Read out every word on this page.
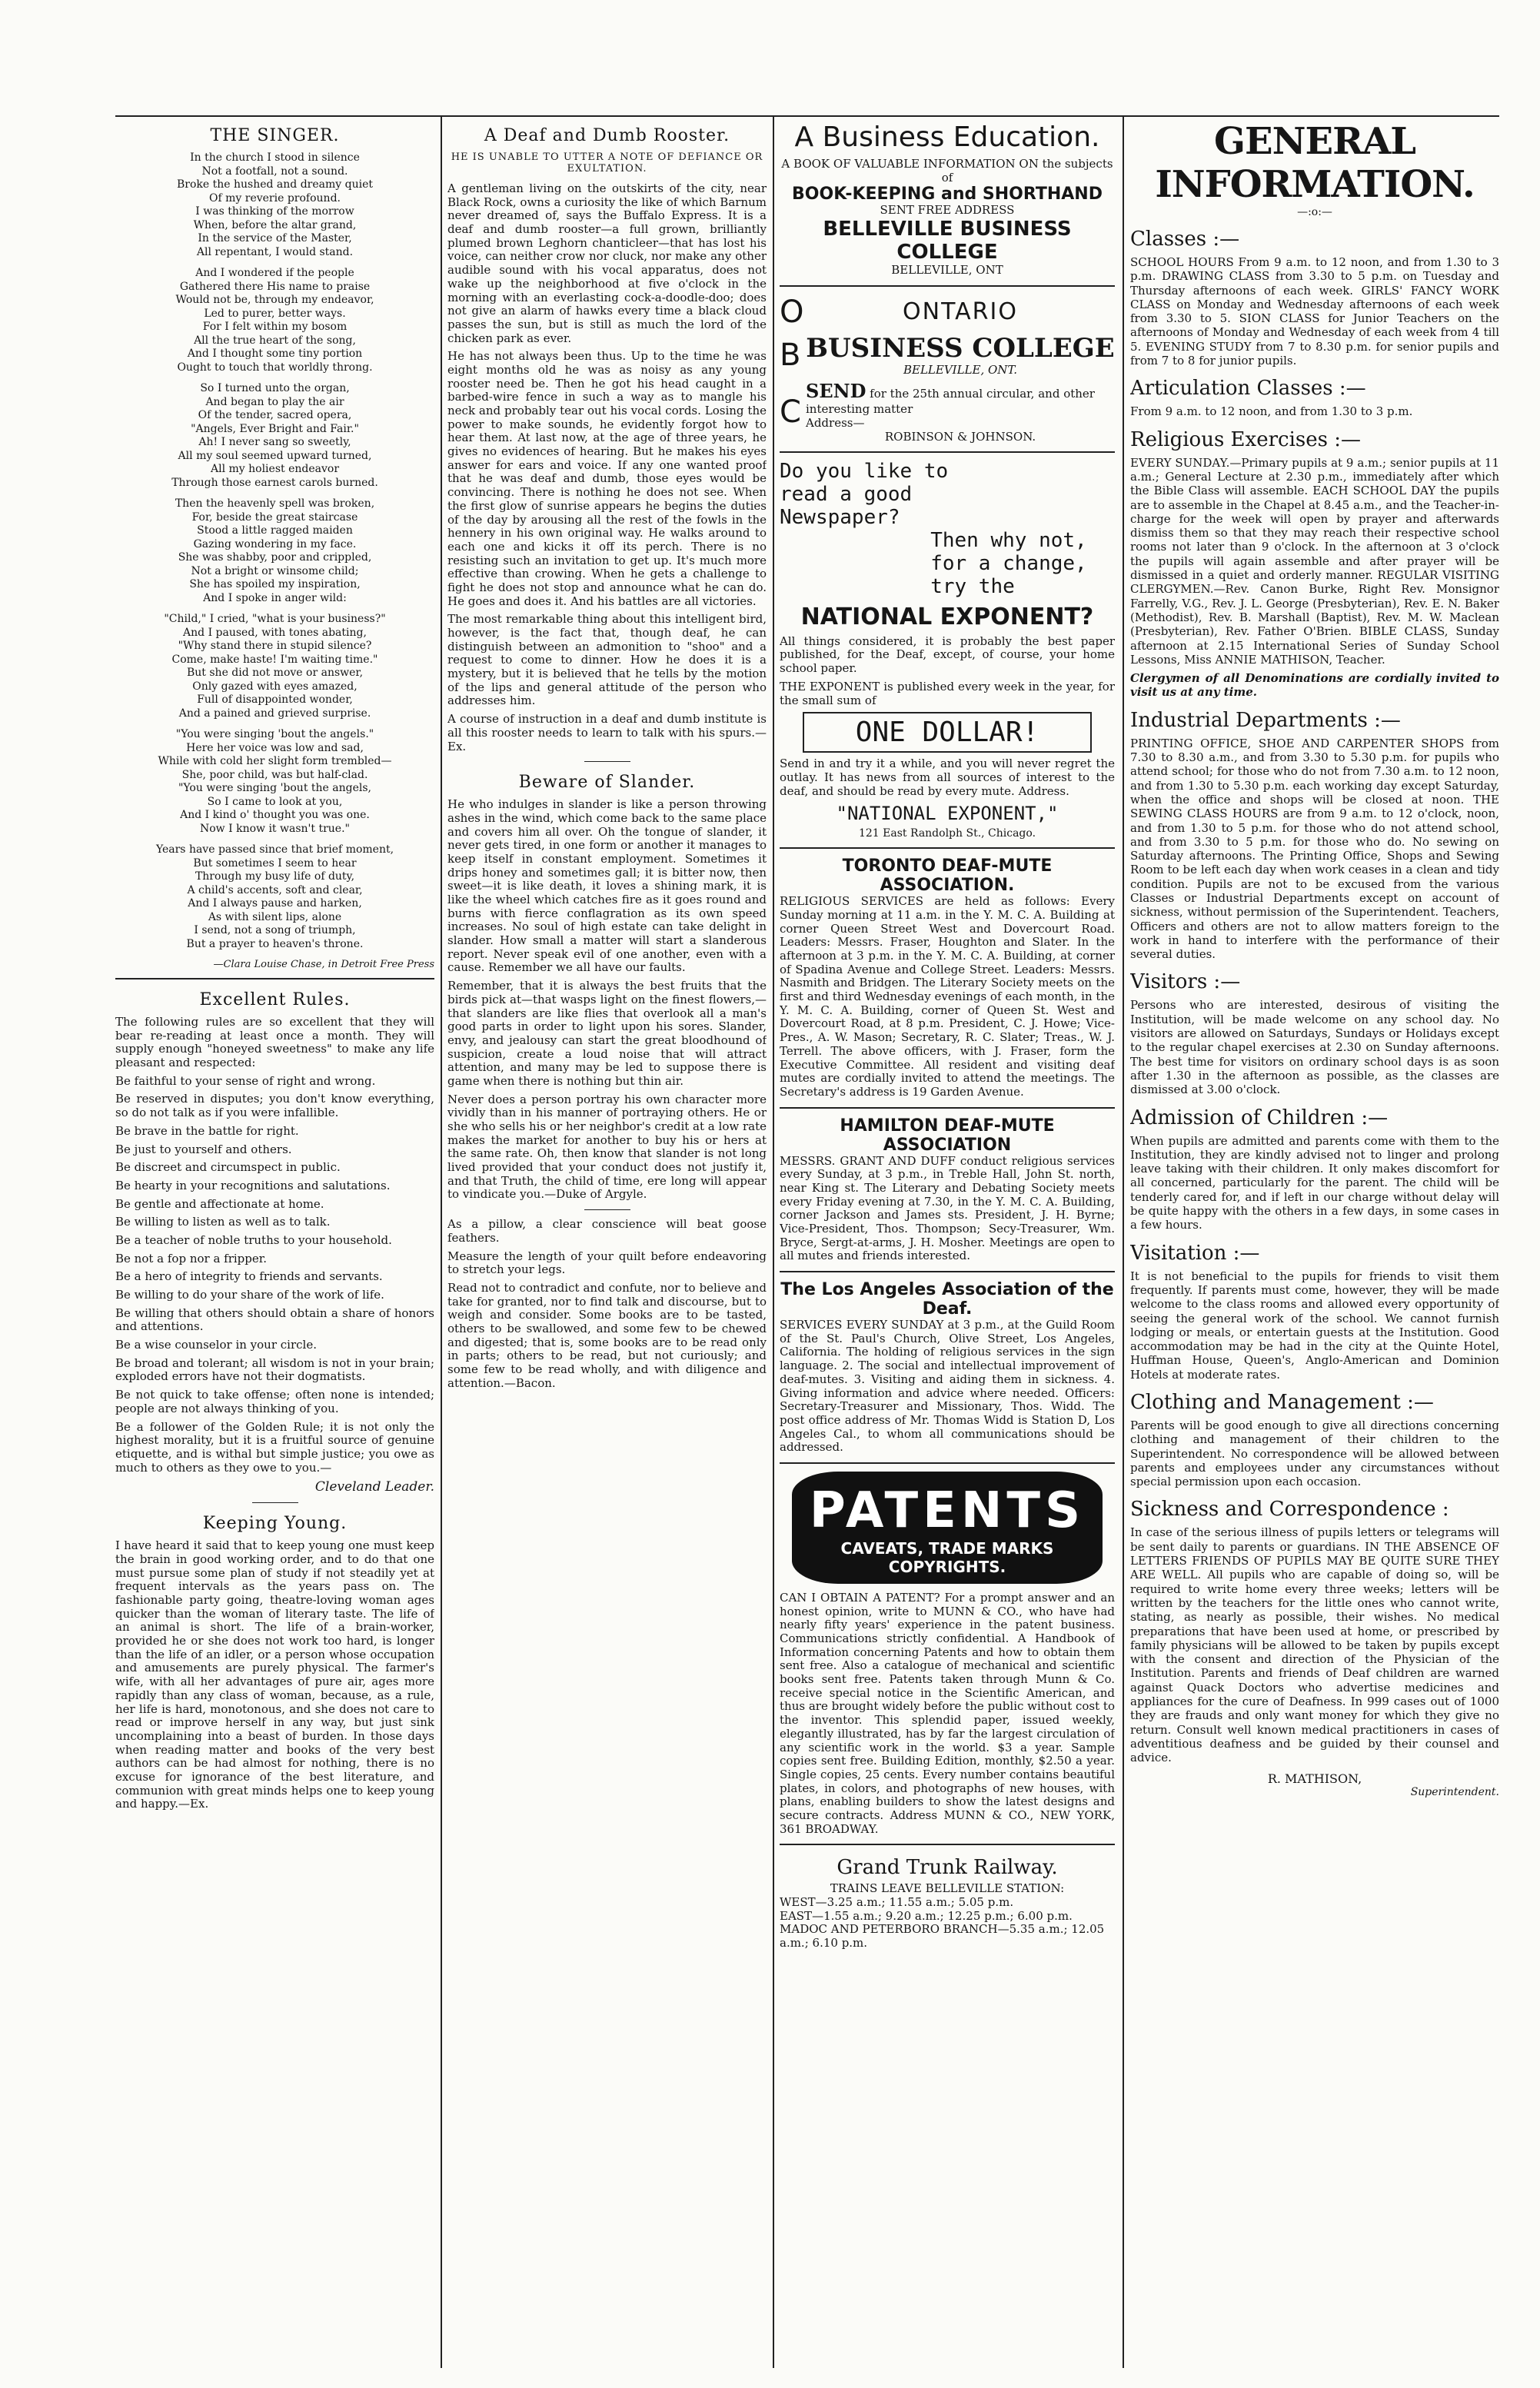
THE SINGER.
In the church I stood in silence
Not a footfall, not a sound.
Broke the hushed and dreamy quiet
Of my reverie profound.
I was thinking of the morrow
When, before the altar grand,
In the service of the Master,
All repentant, I would stand.
And I wondered if the people
Gathered there His name to praise
Would not be, through my endeavor,
Led to purer, better ways.
For I felt within my bosom
All the true heart of the song,
And I thought some tiny portion
Ought to touch that worldly throng.
So I turned unto the organ,
And began to play the air
Of the tender, sacred opera,
"Angels, Ever Bright and Fair."
Ah! I never sang so sweetly,
All my soul seemed upward turned,
All my holiest endeavor
Through those earnest carols burned.
Then the heavenly spell was broken,
For, beside the great staircase
Stood a little ragged maiden
Gazing wondering in my face.
She was shabby, poor and crippled,
Not a bright or winsome child;
She has spoiled my inspiration,
And I spoke in anger wild:
"Child," I cried, "what is your business?"
And I paused, with tones abating,
"Why stand there in stupid silence?
Come, make haste! I'm waiting time."
But she did not move or answer,
Only gazed with eyes amazed,
Full of disappointed wonder,
And a pained and grieved surprise.
"You were singing 'bout the angels."
Here her voice was low and sad,
While with cold her slight form trembled—
She, poor child, was but half-clad.
"You were singing 'bout the angels,
So I came to look at you,
And I kind o' thought you was one.
Now I know it wasn't true."
Years have passed since that brief moment,
But sometimes I seem to hear
Through my busy life of duty,
A child's accents, soft and clear,
And I always pause and harken,
As with silent lips, alone
I send, not a song of triumph,
But a prayer to heaven's throne.
—Clara Louise Chase, in Detroit Free Press
Excellent Rules.

The following rules are so excellent that they will bear re-reading at least once a month. They will supply enough "honeyed sweetness" to make any life pleasant and respected:

Be faithful to your sense of right and wrong.

Be reserved in disputes; you don't know everything, so do not talk as if you were infallible.

Be brave in the battle for right.

Be just to yourself and others.

Be discreet and circumspect in public.

Be hearty in your recognitions and salutations.

Be gentle and affectionate at home.

Be willing to listen as well as to talk.

Be a teacher of noble truths to your household.

Be not a fop nor a fripper.

Be a hero of integrity to friends and servants.

Be willing to do your share of the work of life.

Be willing that others should obtain a share of honors and attentions.

Be a wise counselor in your circle.

Be broad and tolerant; all wisdom is not in your brain; exploded errors have not their dogmatists.

Be not quick to take offense; often none is intended; people are not always thinking of you.

Be a follower of the Golden Rule; it is not only the highest morality, but it is a fruitful source of genuine etiquette, and is withal but simple justice; you owe as much to others as they owe to you.—

Cleveland Leader.
Keeping Young.

I have heard it said that to keep young one must keep the brain in good working order, and to do that one must pursue some plan of study if not steadily yet at frequent intervals as the years pass on. The fashionable party going, theatre-loving woman ages quicker than the woman of literary taste. The life of an animal is short. The life of a brain-worker, provided he or she does not work too hard, is longer than the life of an idler, or a person whose occupation and amusements are purely physical. The farmer's wife, with all her advantages of pure air, ages more rapidly than any class of woman, because, as a rule, her life is hard, monotonous, and she does not care to read or improve herself in any way, but just sink uncomplaining into a beast of burden. In those days when reading matter and books of the very best authors can be had almost for nothing, there is no excuse for ignorance of the best literature, and communion with great minds helps one to keep young and happy.—Ex.

A Deaf and Dumb Rooster.
HE IS UNABLE TO UTTER A NOTE OF DEFIANCE OR EXULTATION.

A gentleman living on the outskirts of the city, near Black Rock, owns a curiosity the like of which Barnum never dreamed of, says the Buffalo Express. It is a deaf and dumb rooster—a full grown, brilliantly plumed brown Leghorn chanticleer—that has lost his voice, can neither crow nor cluck, nor make any other audible sound with his vocal apparatus, does not wake up the neighborhood at five o'clock in the morning with an everlasting cock-a-doodle-doo; does not give an alarm of hawks every time a black cloud passes the sun, but is still as much the lord of the chicken park as ever.

He has not always been thus. Up to the time he was eight months old he was as noisy as any young rooster need be. Then he got his head caught in a barbed-wire fence in such a way as to mangle his neck and probably tear out his vocal cords. Losing the power to make sounds, he evidently forgot how to hear them. At last now, at the age of three years, he gives no evidences of hearing. But he makes his eyes answer for ears and voice. If any one wanted proof that he was deaf and dumb, those eyes would be convincing. There is nothing he does not see. When the first glow of sunrise appears he begins the duties of the day by arousing all the rest of the fowls in the hennery in his own original way. He walks around to each one and kicks it off its perch. There is no resisting such an invitation to get up. It's much more effective than crowing. When he gets a challenge to fight he does not stop and announce what he can do. He goes and does it. And his battles are all victories.

The most remarkable thing about this intelligent bird, however, is the fact that, though deaf, he can distinguish between an admonition to "shoo" and a request to come to dinner. How he does it is a mystery, but it is believed that he tells by the motion of the lips and general attitude of the person who addresses him.

A course of instruction in a deaf and dumb institute is all this rooster needs to learn to talk with his spurs.—Ex.

Beware of Slander.

He who indulges in slander is like a person throwing ashes in the wind, which come back to the same place and covers him all over. Oh the tongue of slander, it never gets tired, in one form or another it manages to keep itself in constant employment. Sometimes it drips honey and sometimes gall; it is bitter now, then sweet—it is like death, it loves a shining mark, it is like the wheel which catches fire as it goes round and burns with fierce conflagration as its own speed increases. No soul of high estate can take delight in slander. How small a matter will start a slanderous report. Never speak evil of one another, even with a cause. Remember we all have our faults.

Remember, that it is always the best fruits that the birds pick at—that wasps light on the finest flowers,—that slanders are like flies that overlook all a man's good parts in order to light upon his sores. Slander, envy, and jealousy can start the great bloodhound of suspicion, create a loud noise that will attract attention, and many may be led to suppose there is game when there is nothing but thin air.

Never does a person portray his own character more vividly than in his manner of portraying others. He or she who sells his or her neighbor's credit at a low rate makes the market for another to buy his or hers at the same rate. Oh, then know that slander is not long lived provided that your conduct does not justify it, and that Truth, the child of time, ere long will appear to vindicate you.—Duke of Argyle.

As a pillow, a clear conscience will beat goose feathers.

Measure the length of your quilt before endeavoring to stretch your legs.

Read not to contradict and confute, nor to believe and take for granted, nor to find talk and discourse, but to weigh and consider. Some books are to be tasted, others to be swallowed, and some few to be chewed and digested; that is, some books are to be read only in parts; others to be read, but not curiously; and some few to be read wholly, and with diligence and attention.—Bacon.

A Business Education.
A BOOK OF VALUABLE INFORMATION ON the subjects of
BOOK-KEEPING and SHORTHAND
SENT FREE ADDRESS
BELLEVILLE BUSINESS COLLEGE
BELLEVILLE, ONT
O	ONTARIO
B BUSINESS COLLEGE
BELLEVILLE, ONT.
C
SEND for the 25th annual circular, and other interesting matter
Address—
ROBINSON & JOHNSON.
Do you like to read a good Newspaper?
Then why not, for a change, try the
NATIONAL EXPONENT?

All things considered, it is probably the best paper published, for the Deaf, except, of course, your home school paper.

THE EXPONENT is published every week in the year, for the small sum of

ONE DOLLAR!

Send in and try it a while, and you will never regret the outlay. It has news from all sources of interest to the deaf, and should be read by every mute. Address.

"NATIONAL EXPONENT,"
121 East Randolph St., Chicago.
TORONTO DEAF-MUTE ASSOCIATION.

RELIGIOUS SERVICES are held as follows: Every Sunday morning at 11 a.m. in the Y. M. C. A. Building at corner Queen Street West and Dovercourt Road. Leaders: Messrs. Fraser, Houghton and Slater. In the afternoon at 3 p.m. in the Y. M. C. A. Building, at corner of Spadina Avenue and College Street. Leaders: Messrs. Nasmith and Bridgen. The Literary Society meets on the first and third Wednesday evenings of each month, in the Y. M. C. A. Building, corner of Queen St. West and Dovercourt Road, at 8 p.m. President, C. J. Howe; Vice-Pres., A. W. Mason; Secretary, R. C. Slater; Treas., W. J. Terrell. The above officers, with J. Fraser, form the Executive Committee. All resident and visiting deaf mutes are cordially invited to attend the meetings. The Secretary's address is 19 Garden Avenue.

HAMILTON DEAF-MUTE ASSOCIATION

MESSRS. GRANT AND DUFF conduct religious services every Sunday, at 3 p.m., in Treble Hall, John St. north, near King st. The Literary and Debating Society meets every Friday evening at 7.30, in the Y. M. C. A. Building, corner Jackson and James sts. President, J. H. Byrne; Vice-President, Thos. Thompson; Secy-Treasurer, Wm. Bryce, Sergt-at-arms, J. H. Mosher. Meetings are open to all mutes and friends interested.

The Los Angeles Association of the Deaf.

SERVICES EVERY SUNDAY at 3 p.m., at the Guild Room of the St. Paul's Church, Olive Street, Los Angeles, California. The holding of religious services in the sign language. 2. The social and intellectual improvement of deaf-mutes. 3. Visiting and aiding them in sickness. 4. Giving information and advice where needed. Officers: Secretary-Treasurer and Missionary, Thos. Widd. The post office address of Mr. Thomas Widd is Station D, Los Angeles Cal., to whom all communications should be addressed.

PATENTS
CAVEATS, TRADE MARKS
COPYRIGHTS.

CAN I OBTAIN A PATENT? For a prompt answer and an honest opinion, write to MUNN & CO., who have had nearly fifty years' experience in the patent business. Communications strictly confidential. A Handbook of Information concerning Patents and how to obtain them sent free. Also a catalogue of mechanical and scientific books sent free. Patents taken through Munn & Co. receive special notice in the Scientific American, and thus are brought widely before the public without cost to the inventor. This splendid paper, issued weekly, elegantly illustrated, has by far the largest circulation of any scientific work in the world. $3 a year. Sample copies sent free. Building Edition, monthly, $2.50 a year. Single copies, 25 cents. Every number contains beautiful plates, in colors, and photographs of new houses, with plans, enabling builders to show the latest designs and secure contracts. Address MUNN & CO., NEW YORK, 361 BROADWAY.

Grand Trunk Railway.
TRAINS LEAVE BELLEVILLE STATION:
WEST—3.25 a.m.; 11.55 a.m.; 5.05 p.m.
EAST—1.55 a.m.; 9.20 a.m.; 12.25 p.m.; 6.00 p.m.
MADOC AND PETERBORO BRANCH—5.35 a.m.; 12.05 a.m.; 6.10 p.m.
GENERAL INFORMATION.
—:o:—
Classes :—
SCHOOL HOURS From 9 a.m. to 12 noon, and from 1.30 to 3 p.m. DRAWING CLASS from 3.30 to 5 p.m. on Tuesday and Thursday afternoons of each week. GIRLS' FANCY WORK CLASS on Monday and Wednesday afternoons of each week from 3.30 to 5. SION CLASS for Junior Teachers on the afternoons of Monday and Wednesday of each week from 4 till 5. EVENING STUDY from 7 to 8.30 p.m. for senior pupils and from 7 to 8 for junior pupils.
Articulation Classes :—
From 9 a.m. to 12 noon, and from 1.30 to 3 p.m.
Religious Exercises :—
EVERY SUNDAY.—Primary pupils at 9 a.m.; senior pupils at 11 a.m.; General Lecture at 2.30 p.m., immediately after which the Bible Class will assemble. EACH SCHOOL DAY the pupils are to assemble in the Chapel at 8.45 a.m., and the Teacher-in-charge for the week will open by prayer and afterwards dismiss them so that they may reach their respective school rooms not later than 9 o'clock. In the afternoon at 3 o'clock the pupils will again assemble and after prayer will be dismissed in a quiet and orderly manner. REGULAR VISITING CLERGYMEN.—Rev. Canon Burke, Right Rev. Monsignor Farrelly, V.G., Rev. J. L. George (Presbyterian), Rev. E. N. Baker (Methodist), Rev. B. Marshall (Baptist), Rev. M. W. Maclean (Presbyterian), Rev. Father O'Brien. BIBLE CLASS, Sunday afternoon at 2.15 International Series of Sunday School Lessons, Miss ANNIE MATHISON, Teacher.
Clergymen of all Denominations are cordially invited to visit us at any time.
Industrial Departments :—
PRINTING OFFICE, SHOE AND CARPENTER SHOPS from 7.30 to 8.30 a.m., and from 3.30 to 5.30 p.m. for pupils who attend school; for those who do not from 7.30 a.m. to 12 noon, and from 1.30 to 5.30 p.m. each working day except Saturday, when the office and shops will be closed at noon. THE SEWING CLASS HOURS are from 9 a.m. to 12 o'clock, noon, and from 1.30 to 5 p.m. for those who do not attend school, and from 3.30 to 5 p.m. for those who do. No sewing on Saturday afternoons. The Printing Office, Shops and Sewing Room to be left each day when work ceases in a clean and tidy condition. Pupils are not to be excused from the various Classes or Industrial Departments except on account of sickness, without permission of the Superintendent. Teachers, Officers and others are not to allow matters foreign to the work in hand to interfere with the performance of their several duties.
Visitors :—
Persons who are interested, desirous of visiting the Institution, will be made welcome on any school day. No visitors are allowed on Saturdays, Sundays or Holidays except to the regular chapel exercises at 2.30 on Sunday afternoons. The best time for visitors on ordinary school days is as soon after 1.30 in the afternoon as possible, as the classes are dismissed at 3.00 o'clock.
Admission of Children :—
When pupils are admitted and parents come with them to the Institution, they are kindly advised not to linger and prolong leave taking with their children. It only makes discomfort for all concerned, particularly for the parent. The child will be tenderly cared for, and if left in our charge without delay will be quite happy with the others in a few days, in some cases in a few hours.
Visitation :—
It is not beneficial to the pupils for friends to visit them frequently. If parents must come, however, they will be made welcome to the class rooms and allowed every opportunity of seeing the general work of the school. We cannot furnish lodging or meals, or entertain guests at the Institution. Good accommodation may be had in the city at the Quinte Hotel, Huffman House, Queen's, Anglo-American and Dominion Hotels at moderate rates.
Clothing and Management :—
Parents will be good enough to give all directions concerning clothing and management of their children to the Superintendent. No correspondence will be allowed between parents and employees under any circumstances without special permission upon each occasion.
Sickness and Correspondence :
In case of the serious illness of pupils letters or telegrams will be sent daily to parents or guardians. IN THE ABSENCE OF LETTERS FRIENDS OF PUPILS MAY BE QUITE SURE THEY ARE WELL. All pupils who are capable of doing so, will be required to write home every three weeks; letters will be written by the teachers for the little ones who cannot write, stating, as nearly as possible, their wishes. No medical preparations that have been used at home, or prescribed by family physicians will be allowed to be taken by pupils except with the consent and direction of the Physician of the Institution. Parents and friends of Deaf children are warned against Quack Doctors who advertise medicines and appliances for the cure of Deafness. In 999 cases out of 1000 they are frauds and only want money for which they give no return. Consult well known medical practitioners in cases of adventitious deafness and be guided by their counsel and advice.
R. MATHISON,
Superintendent.
